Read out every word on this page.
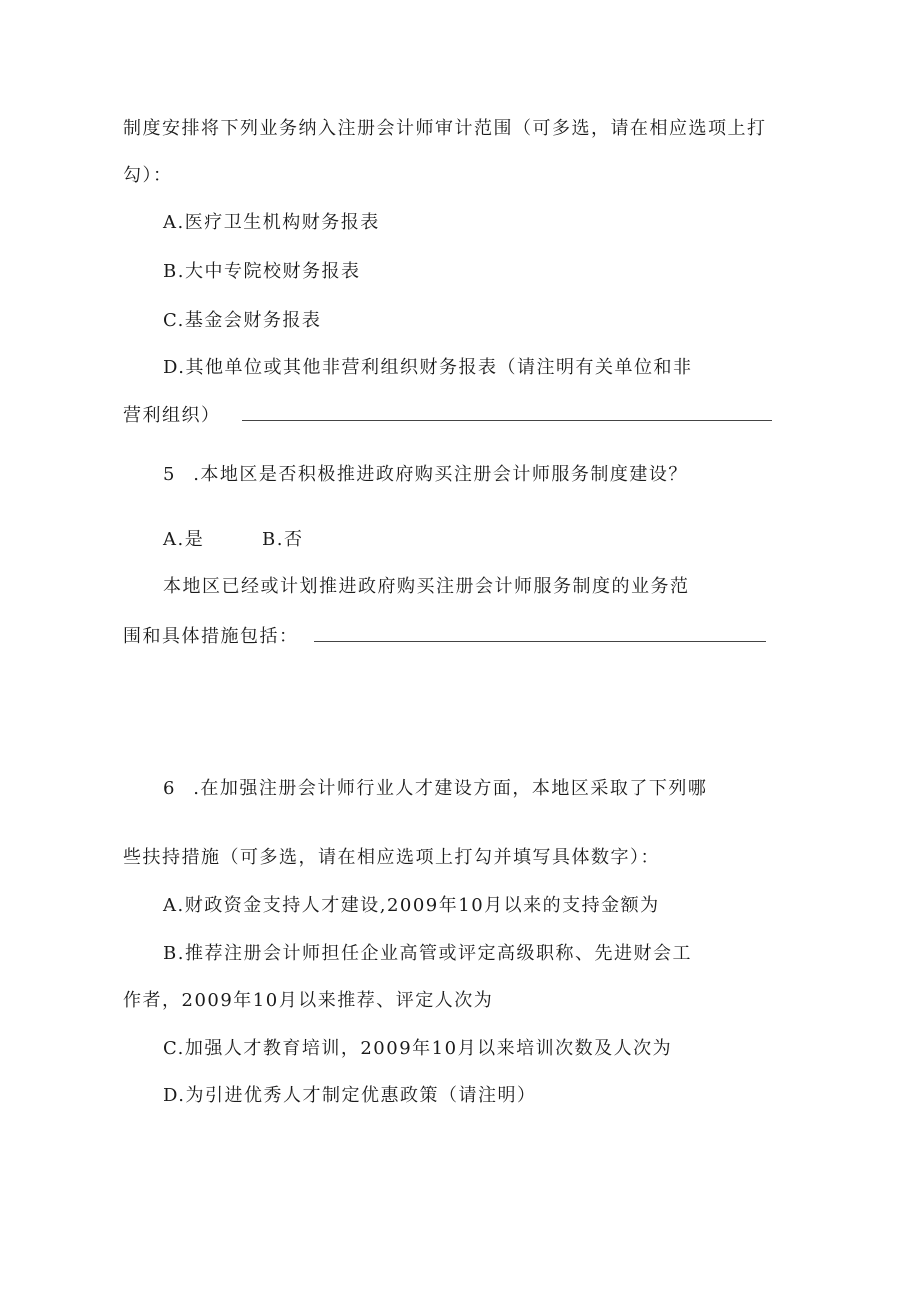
制度安排将下列业务纳入注册会计师审计范围（可多选，请在相应选项上打
勾）：
A.医疗卫生机构财务报表
B.大中专院校财务报表
C.基金会财务报表
D.其他单位或其他非营利组织财务报表（请注明有关单位和非
营利组织）
5 .本地区是否积极推进政府购买注册会计师服务制度建设？
A.是	B.否
本地区已经或计划推进政府购买注册会计师服务制度的业务范
围和具体措施包括：
6 .在加强注册会计师行业人才建设方面，本地区采取了下列哪
些扶持措施（可多选，请在相应选项上打勾并填写具体数字）：
A.财政资金支持人才建设,2009年10月以来的支持金额为
B.推荐注册会计师担任企业高管或评定高级职称、先进财会工
作者，2009年10月以来推荐、评定人次为
C.加强人才教育培训，2009年10月以来培训次数及人次为
D.为引进优秀人才制定优惠政策（请注明）
